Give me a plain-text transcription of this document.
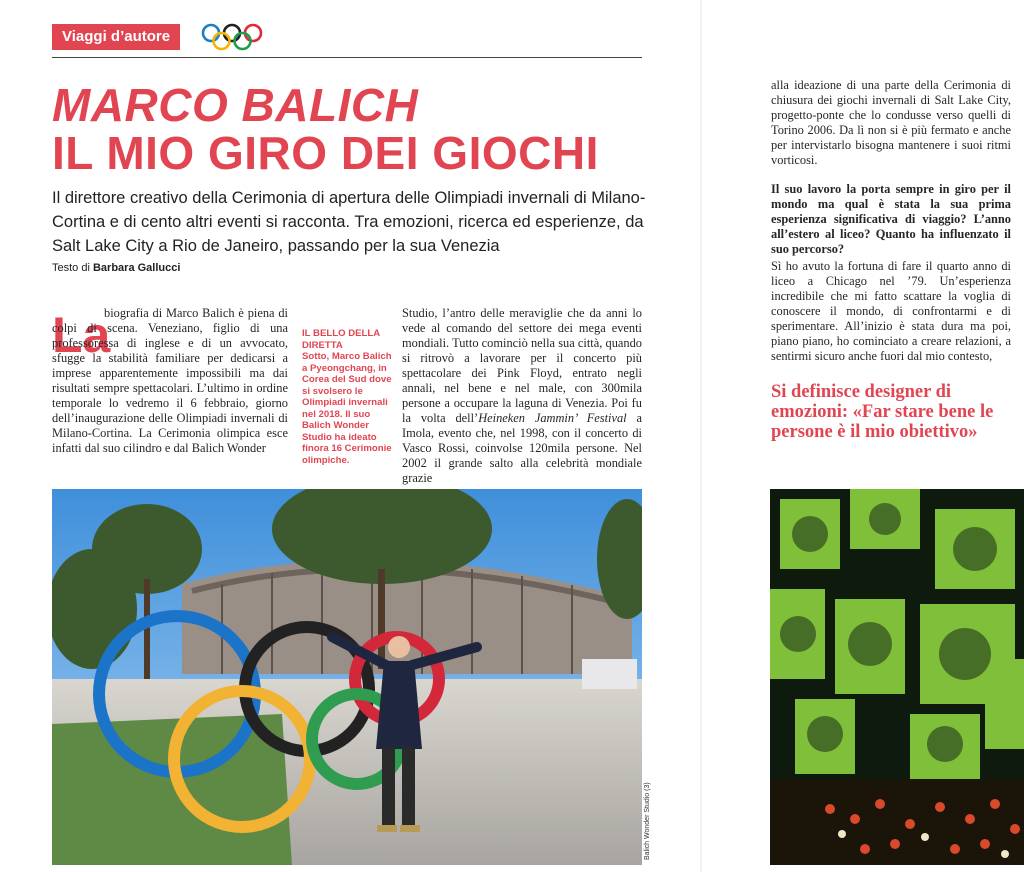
Viaggi d’autore
MARCO BALICH
IL MIO GIRO DEI GIOCHI
Il direttore creativo della Cerimonia di apertura delle Olimpiadi invernali di Milano-Cortina e di cento altri eventi si racconta. Tra emozioni, ricerca ed esperienze, da Salt Lake City a Rio de Janeiro, passando per la sua Venezia
Testo di Barbara Gallucci
La

biografia di Marco Balich è piena di colpi di scena. Veneziano, figlio di una professoressa di inglese e di un avvocato, sfugge la stabilità familiare per dedicarsi a imprese apparentemente impossibili ma dai risultati sempre spettacolari. L’ultimo in ordine temporale lo vedremo il 6 febbraio, giorno dell’inaugurazione delle Olimpiadi invernali di Milano-Cortina. La Cerimonia olimpica esce infatti dal suo cilindro e dal Balich Wonder

IL BELLO DELLA DIRETTA
Sotto, Marco Balich a Pyeongchang, in Corea del Sud dove si svolsero le Olimpiadi invernali nel 2018. Il suo Balich Wonder Studio ha ideato finora 16 Cerimonie olimpiche.

Studio, l’antro delle meraviglie che da anni lo vede al comando del settore dei mega eventi mondiali. Tutto cominciò nella sua città, quando si ritrovò a lavorare per il concerto più spettacolare dei Pink Floyd, entrato negli annali, nel bene e nel male, con 300mila persone a occupare la laguna di Venezia. Poi fu la volta dell’Heineken Jammin’ Festival a Imola, evento che, nel 1998, con il concerto di Vasco Rossi, coinvolse 120mila persone. Nel 2002 il grande salto alla celebrità mondiale grazie

alla ideazione di una parte della Cerimonia di chiusura dei giochi invernali di Salt Lake City, progetto-ponte che lo condusse verso quelli di Torino 2006. Da lì non si è più fermato e anche per intervistarlo bisogna mantenere i suoi ritmi vorticosi.

Il suo lavoro la porta sempre in giro per il mondo ma qual è stata la sua prima esperienza significativa di viaggio? L’anno all’estero al liceo? Quanto ha influenzato il suo percorso?

Sì ho avuto la fortuna di fare il quarto anno di liceo a Chicago nel ’79. Un’esperienza incredibile che mi fatto scattare la voglia di conoscere il mondo, di confrontarmi e di sperimentare. All’inizio è stata dura ma poi, piano piano, ho cominciato a creare relazioni, a sentirmi sicuro anche fuori dal mio contesto,

Si definisce designer di emozioni: «Far stare bene le persone è il mio obiettivo»
Balich Wonder Studio (3)
